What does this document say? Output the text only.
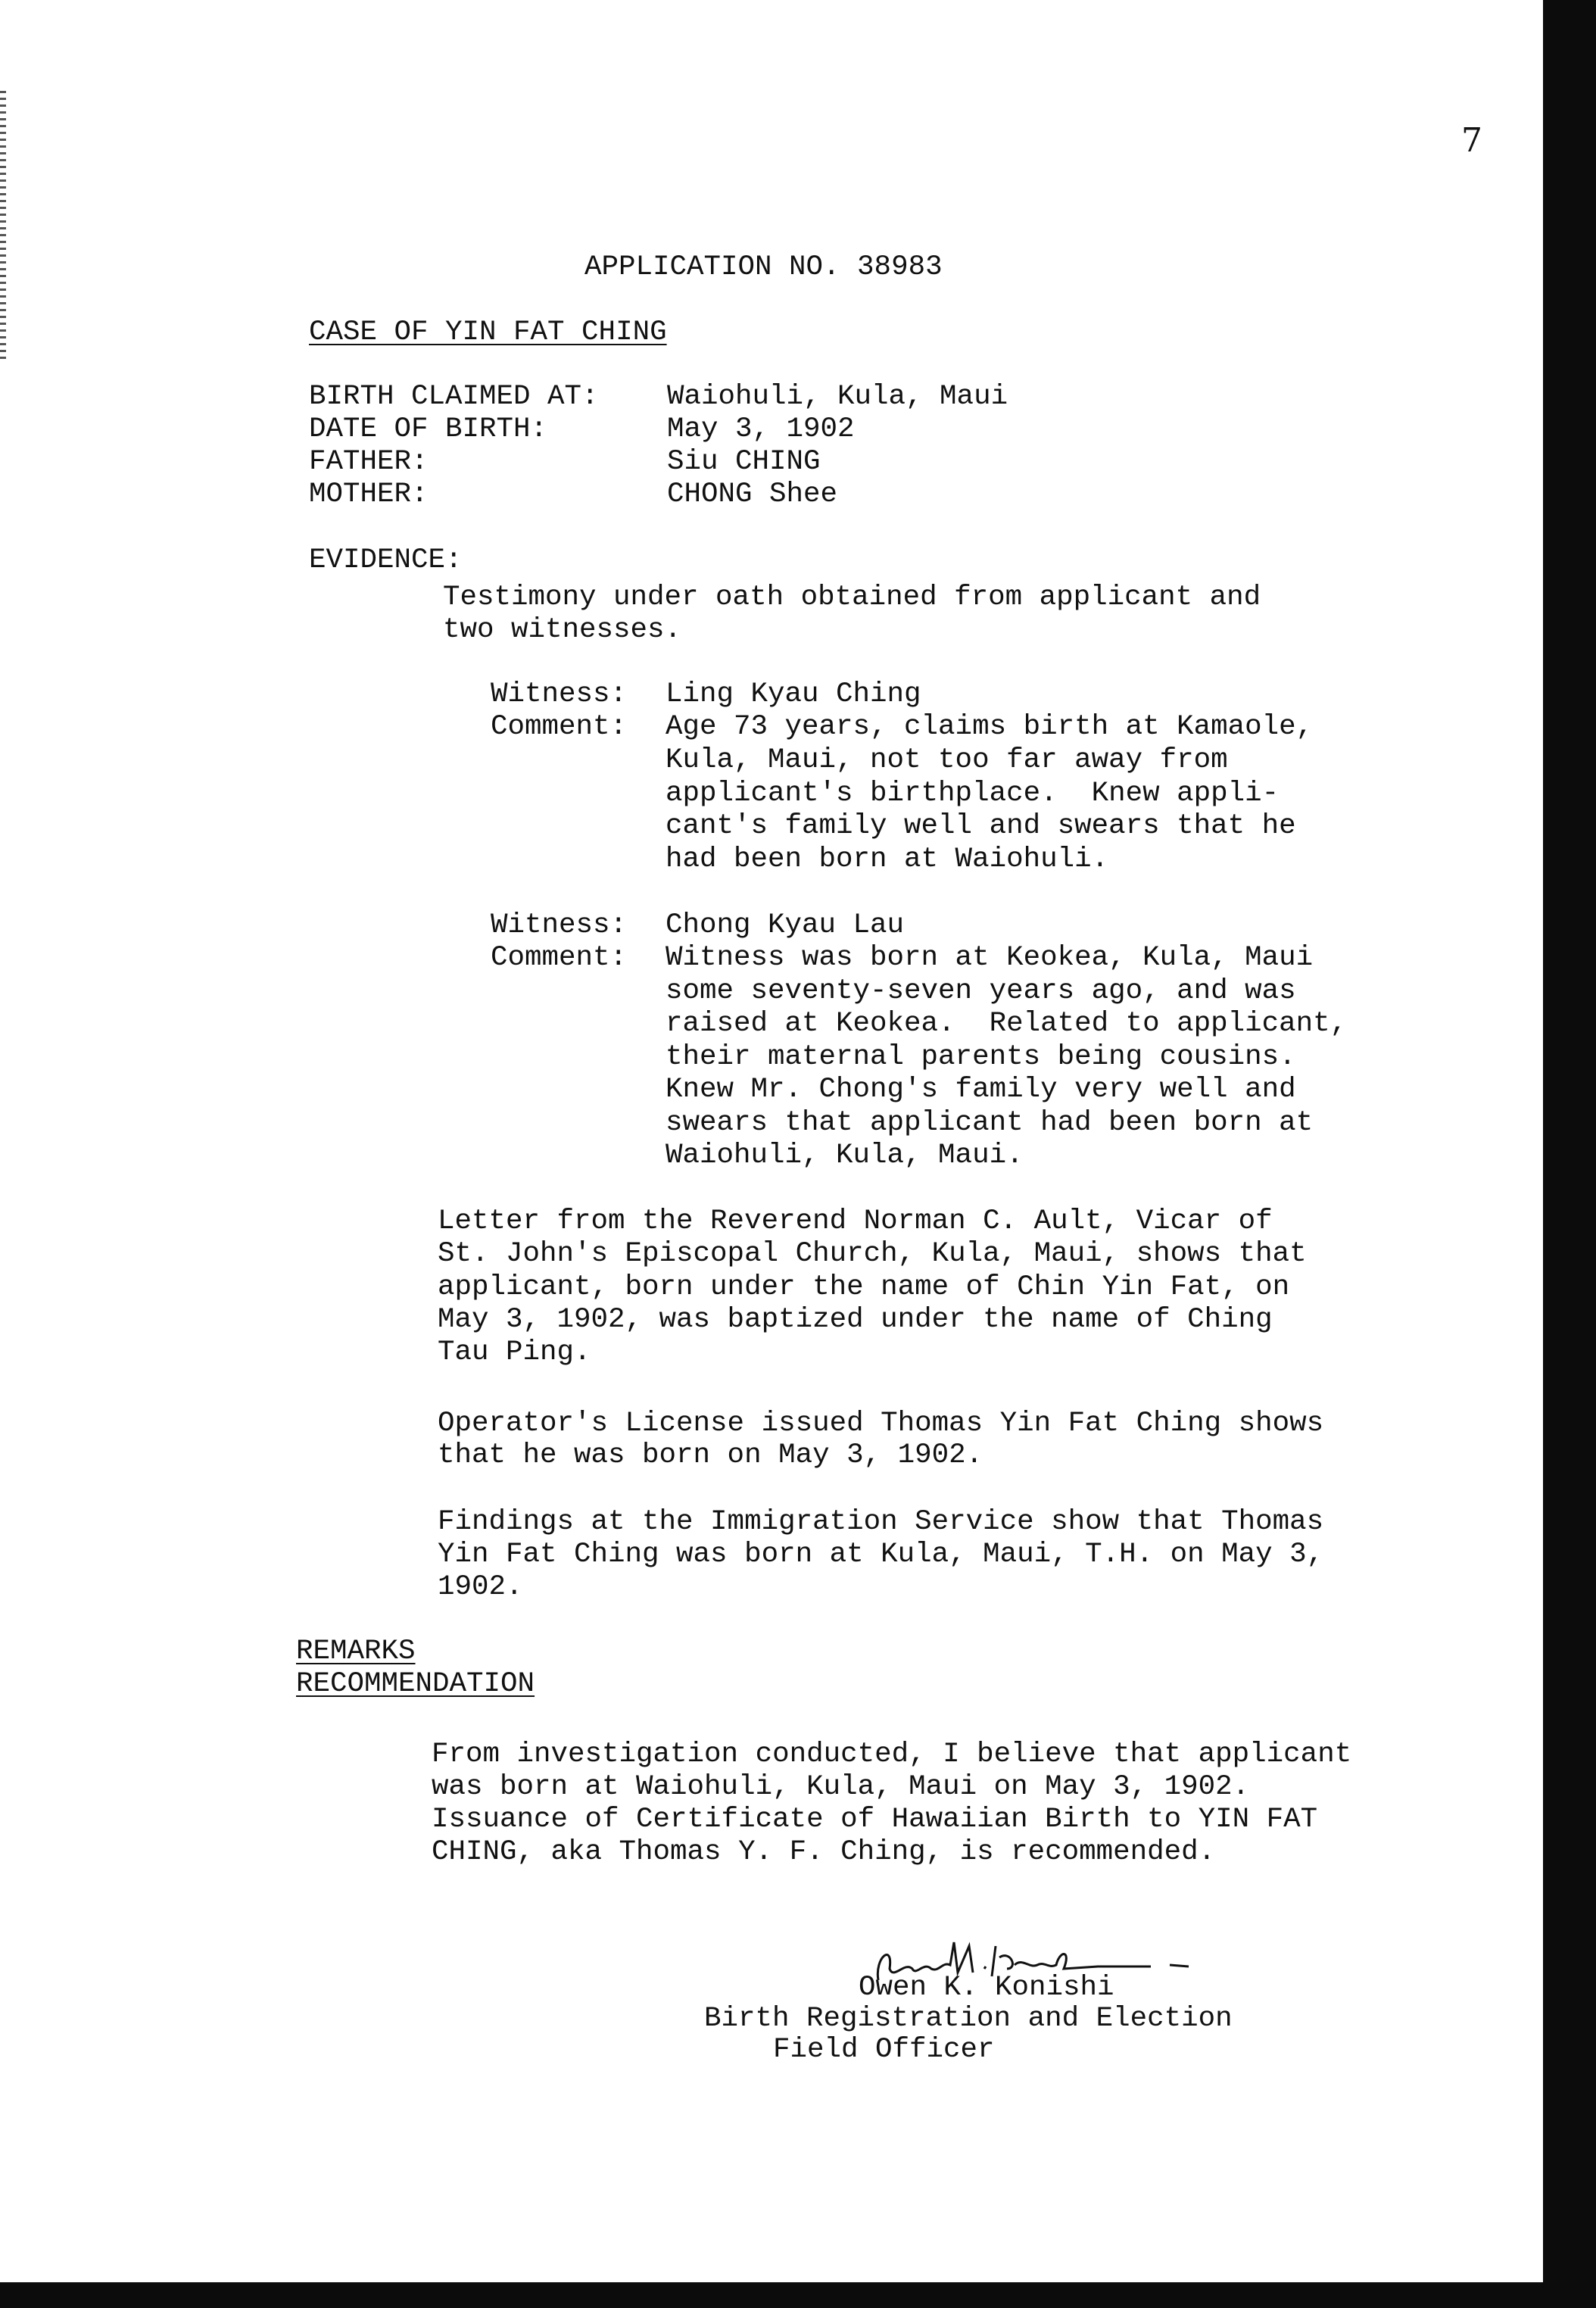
7
APPLICATION NO. 38983
CASE OF YIN FAT CHING
BIRTH CLAIMED AT: Waiohuli, Kula, Maui
DATE OF BIRTH:	May 3, 1902
FATHER:	Siu CHING
MOTHER:	CHONG Shee
EVIDENCE:
Testimony under oath obtained from applicant and
two witnesses.
Witness: Ling Kyau Ching
Comment: Age 73 years, claims birth at Kamaole,
Kula, Maui, not too far away from
applicant's birthplace.  Knew appli-
cant's family well and swears that he
had been born at Waiohuli.
Witness: Chong Kyau Lau
Comment: Witness was born at Keokea, Kula, Maui
some seventy-seven years ago, and was
raised at Keokea.  Related to applicant,
their maternal parents being cousins.
Knew Mr. Chong's family very well and
swears that applicant had been born at
Waiohuli, Kula, Maui.
Letter from the Reverend Norman C. Ault, Vicar of
St. John's Episcopal Church, Kula, Maui, shows that
applicant, born under the name of Chin Yin Fat, on
May 3, 1902, was baptized under the name of Ching
Tau Ping.
Operator's License issued Thomas Yin Fat Ching shows
that he was born on May 3, 1902.
Findings at the Immigration Service show that Thomas
Yin Fat Ching was born at Kula, Maui, T.H. on May 3,
1902.
REMARKS
RECOMMENDATION
From investigation conducted, I believe that applicant
was born at Waiohuli, Kula, Maui on May 3, 1902.
Issuance of Certificate of Hawaiian Birth to YIN FAT
CHING, aka Thomas Y. F. Ching, is recommended.
Owen K. Konishi
Birth Registration and Election
Field Officer
